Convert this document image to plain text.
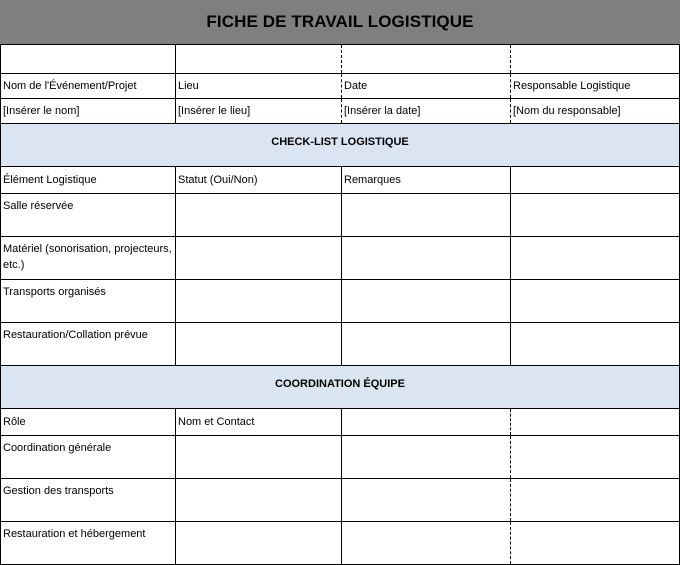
FICHE DE TRAVAIL LOGISTIQUE

Nom de l'Événement/Projet	Lieu	Date	Responsable Logistique
[Insérer le nom]	[Insérer le lieu]	[Insérer la date]	[Nom du responsable]
CHECK-LIST LOGISTIQUE			
Élément Logistique	Statut (Oui/Non)	Remarques	
Salle réservée			
Matériel (sonorisation, projecteurs, etc.)			
Transports organisés			
Restauration/Collation prévue			
COORDINATION ÉQUIPE			
Rôle	Nom et Contact		
Coordination générale			
Gestion des transports			
Restauration et hébergement			
